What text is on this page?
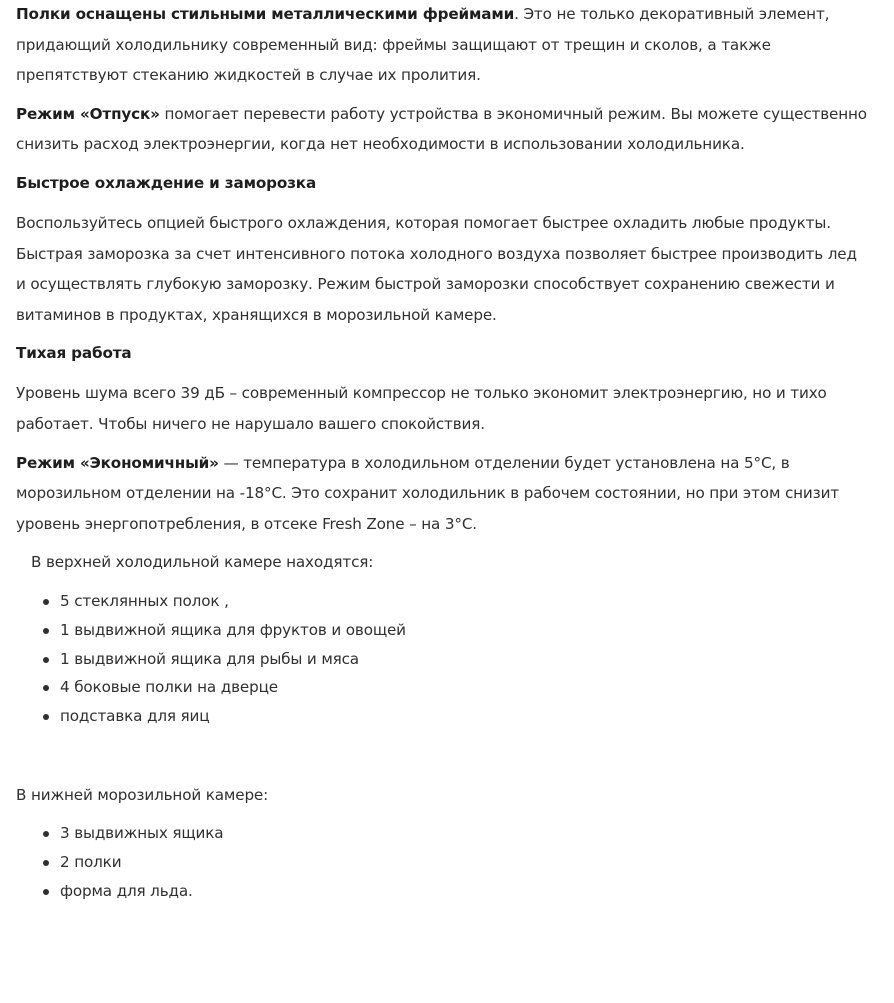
Полки оснащены стильными металлическими фреймами. Это не только декоративный элемент, придающий холодильнику современный вид: фреймы защищают от трещин и сколов, а также препятствуют стеканию жидкостей в случае их пролития.

Режим «Отпуск» помогает перевести работу устройства в экономичный режим. Вы можете существенно снизить расход электроэнергии, когда нет необходимости в использовании холодильника.

Быстрое охлаждение и заморозка

Воспользуйтесь опцией быстрого охлаждения, которая помогает быстрее охладить любые продукты. Быстрая заморозка за счет интенсивного потока холодного воздуха позволяет быстрее производить лед и осуществлять глубокую заморозку. Режим быстрой заморозки способствует сохранению свежести и витаминов в продуктах, хранящихся в морозильной камере.

Тихая работа

Уровень шума всего 39 дБ – современный компрессор не только экономит электроэнергию, но и тихо работает. Чтобы ничего не нарушало вашего спокойствия.

Режим «Экономичный» — температура в холодильном отделении будет установлена на 5°C, в морозильном отделении на -18°C. Это сохранит холодильник в рабочем состоянии, но при этом снизит уровень энергопотребления, в отсеке Fresh Zone – на 3°C.

В верхней холодильной камере находятся:

5 стеклянных полок ,
1 выдвижной ящика для фруктов и овощей
1 выдвижной ящика для рыбы и мяса
4 боковые полки на дверце
подставка для яиц

В нижней морозильной камере:

3 выдвижных ящика
2 полки
форма для льда.
